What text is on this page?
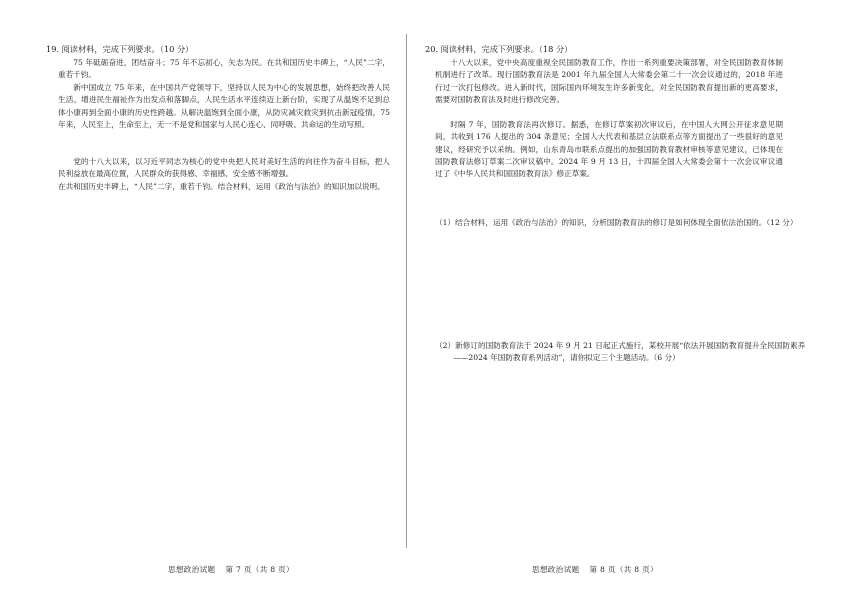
19. 阅读材料，完成下列要求。（10 分）
75 年砥砺奋进，团结奋斗；75 年不忘初心，矢志为民。在共和国历史丰碑上，“人民”二字，重若千钧。
新中国成立 75 年来，在中国共产党领导下，坚持以人民为中心的发展思想，始终把改善人民生活、增进民生福祉作为出发点和落脚点，人民生活水平连续迈上新台阶，实现了从温饱不足到总体小康再到全面小康的历史性跨越。从解决温饱到全面小康，从防灾减灾救灾到抗击新冠疫情，75 年来，人民至上，生命至上，无一不是党和国家与人民心连心、同呼吸、共命运的生动写照。
党的十八大以来，以习近平同志为核心的党中央把人民对美好生活的向往作为奋斗目标，把人民利益放在最高位置，人民群众的获得感、幸福感、安全感不断增强。
在共和国历史丰碑上，“人民”二字，重若千钧。结合材料，运用《政治与法治》的知识加以说明。
思想政治试题 第 7 页（共 8 页）
20. 阅读材料，完成下列要求。（18 分）
十八大以来，党中央高度重视全民国防教育工作，作出一系列重要决策部署，对全民国防教育体制机制进行了改革。现行国防教育法是 2001 年九届全国人大常委会第二十一次会议通过的，2018 年进行过一次打包修改。进入新时代，国际国内环境发生许多新变化，对全民国防教育提出新的更高要求，需要对国防教育法及时进行修改完善。
时隔 7 年，国防教育法再次修订。据悉，在修订草案初次审议后，在中国人大网公开征求意见期间，共收到 176 人提出的 304 条意见；全国人大代表和基层立法联系点等方面提出了一些很好的意见建议，经研究予以采纳。例如，山东青岛市联系点提出的加强国防教育教材审核等意见建议，已体现在国防教育法修订草案二次审议稿中。2024 年 9 月 13 日，十四届全国人大常委会第十一次会议审议通过了《中华人民共和国国防教育法》修正草案。
（1）结合材料，运用《政治与法治》的知识，分析国防教育法的修订是如何体现全面依法治国的。（12 分）
（2）新修订的国防教育法于 2024 年 9 月 21 日起正式施行，某校开展“依法开展国防教育提升全民国防素养——2024 年国防教育系列活动”，请你拟定三个主题活动。（6 分）
思想政治试题 第 8 页（共 8 页）
